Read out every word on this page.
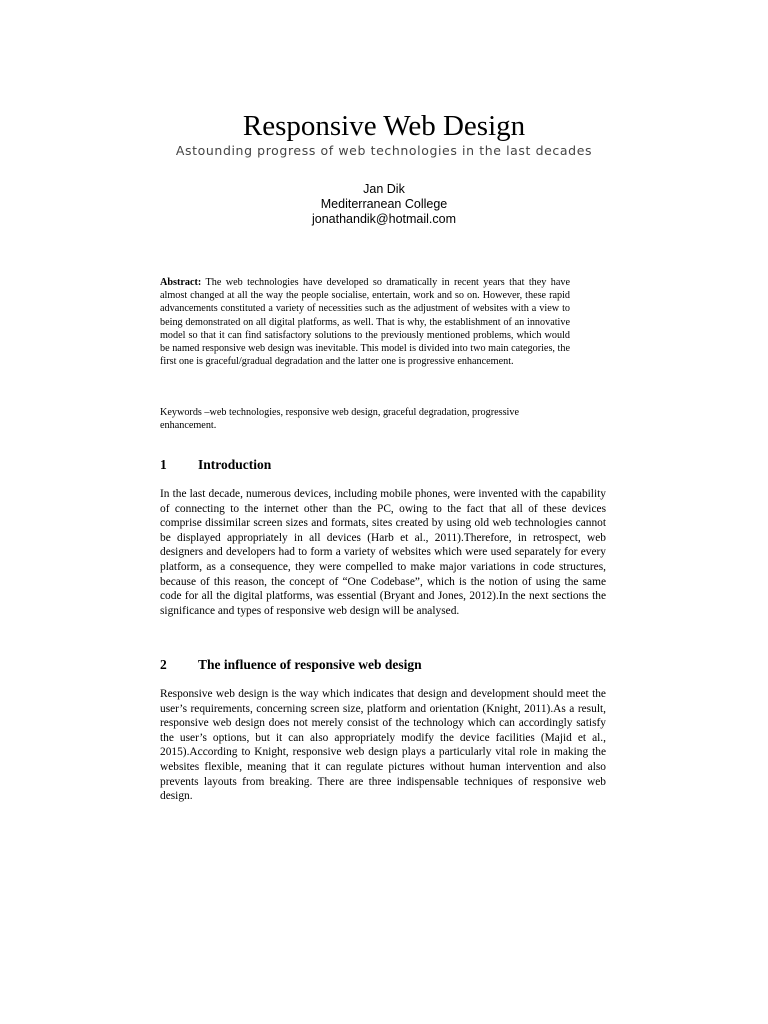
Responsive Web Design
Astounding progress of web technologies in the last decades
Jan Dik
Mediterranean College
jonathandik@hotmail.com
Abstract: The web technologies have developed so dramatically in recent years that they have almost changed at all the way the people socialise, entertain, work and so on. However, these rapid advancements constituted a variety of necessities such as the adjustment of websites with a view to being demonstrated on all digital platforms, as well. That is why, the establishment of an innovative model so that it can find satisfactory solutions to the previously mentioned problems, which would be named responsive web design was inevitable. This model is divided into two main categories, the first one is graceful/gradual degradation and the latter one is progressive enhancement.
Keywords –web technologies, responsive web design, graceful degradation, progressive enhancement.
1 Introduction
In the last decade, numerous devices, including mobile phones, were invented with the capability of connecting to the internet other than the PC, owing to the fact that all of these devices comprise dissimilar screen sizes and formats, sites created by using old web technologies cannot be displayed appropriately in all devices (Harb et al., 2011).Therefore, in retrospect, web designers and developers had to form a variety of websites which were used separately for every platform, as a consequence, they were compelled to make major variations in code structures, because of this reason, the concept of “One Codebase”, which is the notion of using the same code for all the digital platforms, was essential (Bryant and Jones, 2012).In the next sections the significance and types of responsive web design will be analysed.
2 The influence of responsive web design
Responsive web design is the way which indicates that design and development should meet the user’s requirements, concerning screen size, platform and orientation (Knight, 2011).As a result, responsive web design does not merely consist of the technology which can accordingly satisfy the user’s options, but it can also appropriately modify the device facilities (Majid et al., 2015).According to Knight, responsive web design plays a particularly vital role in making the websites flexible, meaning that it can regulate pictures without human intervention and also prevents layouts from breaking. There are three indispensable techniques of responsive web design.
